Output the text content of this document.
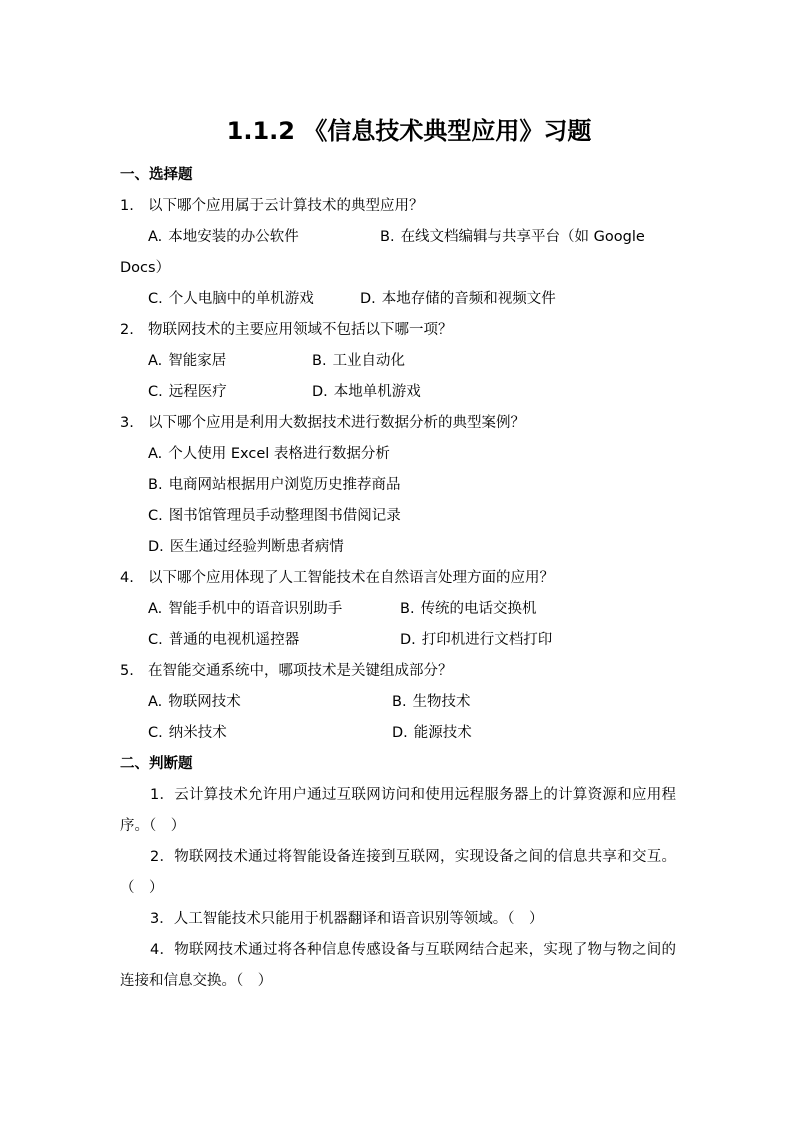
1.1.2 《信息技术典型应用》习题
一、选择题
1. 以下哪个应用属于云计算技术的典型应用？
A. 本地安装的办公软件	B. 在线文档编辑与共享平台（如 Google
Docs）
C. 个人电脑中的单机游戏	D. 本地存储的音频和视频文件
2. 物联网技术的主要应用领域不包括以下哪一项？
A. 智能家居	B. 工业自动化
C. 远程医疗	D. 本地单机游戏
3. 以下哪个应用是利用大数据技术进行数据分析的典型案例？
A. 个人使用 Excel 表格进行数据分析
B. 电商网站根据用户浏览历史推荐商品
C. 图书馆管理员手动整理图书借阅记录
D. 医生通过经验判断患者病情
4. 以下哪个应用体现了人工智能技术在自然语言处理方面的应用？
A. 智能手机中的语音识别助手	B. 传统的电话交换机
C. 普通的电视机遥控器	D. 打印机进行文档打印
5. 在智能交通系统中，哪项技术是关键组成部分？
A. 物联网技术	B. 生物技术
C. 纳米技术	D. 能源技术
二、判断题
1．云计算技术允许用户通过互联网访问和使用远程服务器上的计算资源和应用程序。（　）
2．物联网技术通过将智能设备连接到互联网，实现设备之间的信息共享和交互。（　）
3．人工智能技术只能用于机器翻译和语音识别等领域。（　）
4．物联网技术通过将各种信息传感设备与互联网结合起来，实现了物与物之间的连接和信息交换。（　）
